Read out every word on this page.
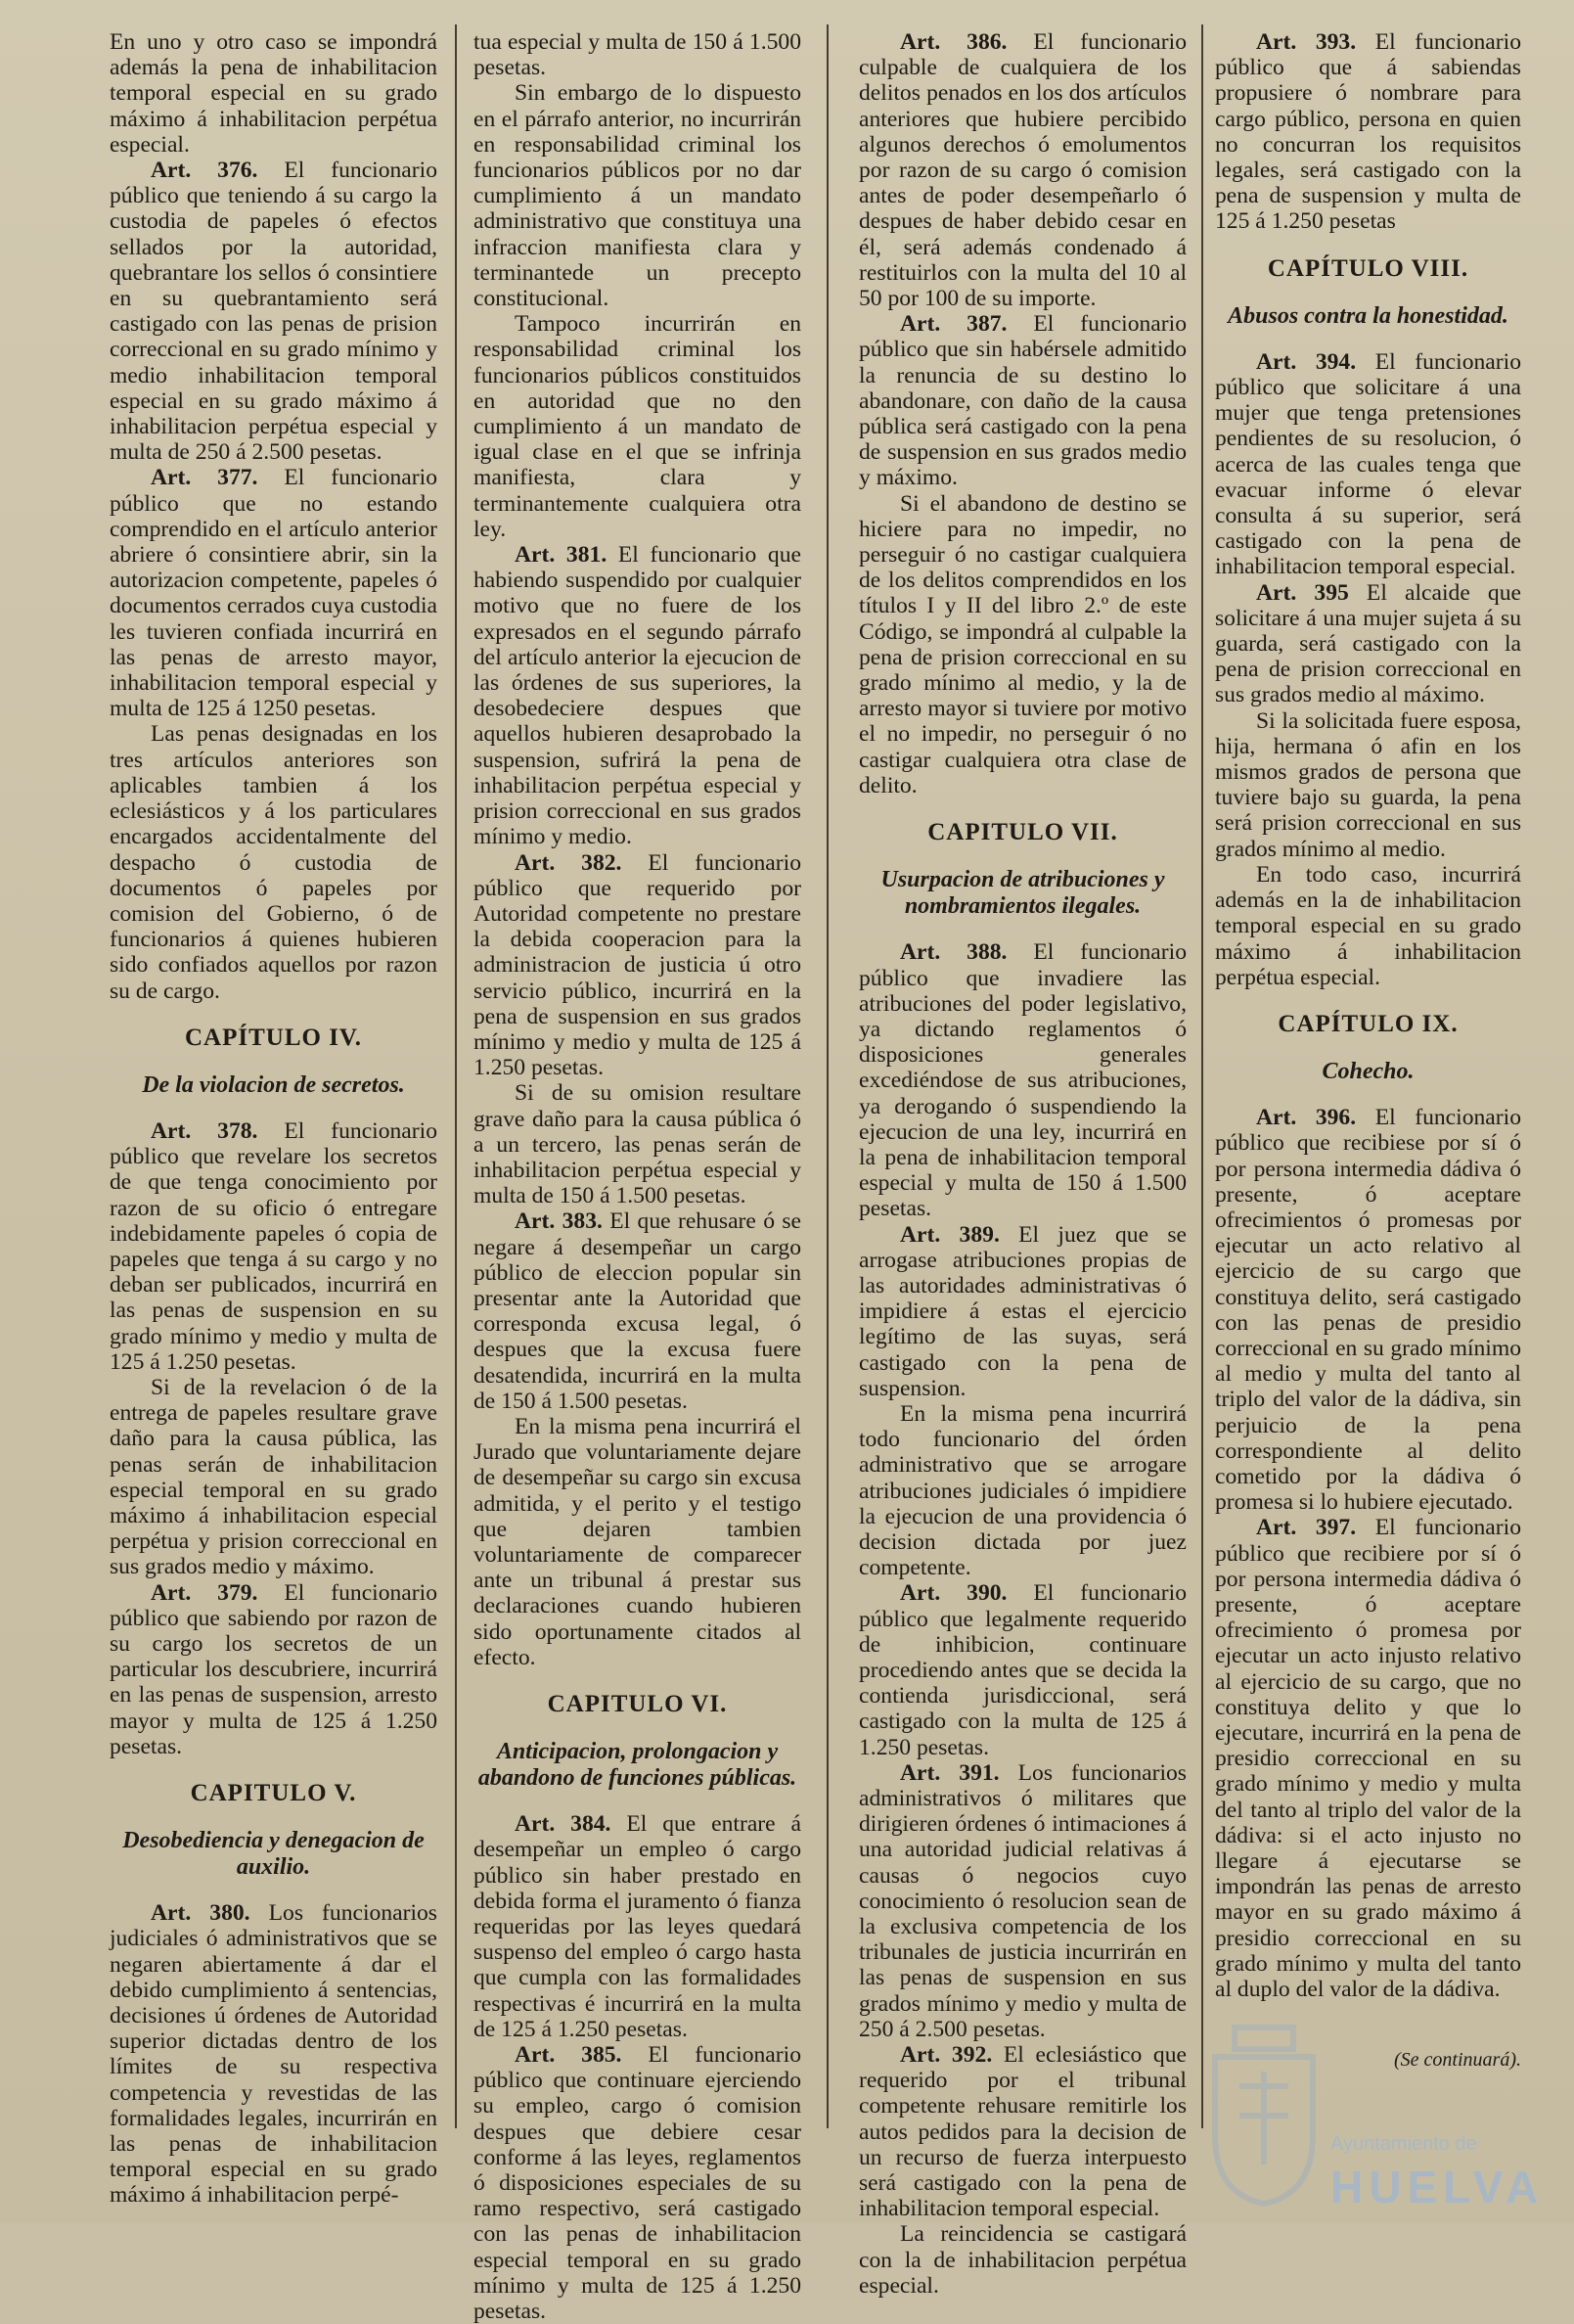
En uno y otro caso se impondrá además la pena de inhabilitacion temporal especial en su grado máximo á inhabilitacion perpétua especial.

Art. 376. El funcionario público que teniendo á su cargo la custodia de papeles ó efectos sellados por la autoridad, quebrantare los sellos ó consintiere en su quebrantamiento será castigado con las penas de prision correccional en su grado mínimo y medio inhabilitacion temporal especial en su grado máximo á inhabilitacion perpétua especial y multa de 250 á 2.500 pesetas.

Art. 377. El funcionario público que no estando comprendido en el artículo anterior abriere ó consintiere abrir, sin la autorizacion competente, papeles ó documentos cerrados cuya custodia les tuvieren confiada incurrirá en las penas de arresto mayor, inhabilitacion temporal especial y multa de 125 á 1250 pesetas.

Las penas designadas en los tres artículos anteriores son aplicables tambien á los eclesiásticos y á los particulares encargados accidentalmente del despacho ó custodia de documentos ó papeles por comision del Gobierno, ó de funcionarios á quienes hubieren sido confiados aquellos por razon su de cargo.

CAPÍTULO IV.
De la violacion de secretos.

Art. 378. El funcionario público que revelare los secretos de que tenga conocimiento por razon de su oficio ó entregare indebidamente papeles ó copia de papeles que tenga á su cargo y no deban ser publicados, incurrirá en las penas de suspension en su grado mínimo y medio y multa de 125 á 1.250 pesetas.

Si de la revelacion ó de la entrega de papeles resultare grave daño para la causa pública, las penas serán de inhabilitacion especial temporal en su grado máximo á inhabilitacion especial perpétua y prision correccional en sus grados medio y máximo.

Art. 379. El funcionario público que sabiendo por razon de su cargo los secretos de un particular los descubriere, incurrirá en las penas de suspension, arresto mayor y multa de 125 á 1.250 pesetas.

CAPITULO V.
Desobediencia y denegacion de auxilio.

Art. 380. Los funcionarios judiciales ó administrativos que se negaren abiertamente á dar el debido cumplimiento á sentencias, decisiones ú órdenes de Autoridad superior dictadas dentro de los límites de su respectiva competencia y revestidas de las formalidades legales, incurrirán en las penas de inhabilitacion temporal especial en su grado máximo á inhabilitacion perpé-

tua especial y multa de 150 á 1.500 pesetas.

Sin embargo de lo dispuesto en el párrafo anterior, no incurrirán en responsabilidad criminal los funcionarios públicos por no dar cumplimiento á un mandato administrativo que constituya una infraccion manifiesta clara y terminantede un precepto constitucional.

Tampoco incurrirán en responsabilidad criminal los funcionarios públicos constituidos en autoridad que no den cumplimiento á un mandato de igual clase en el que se infrinja manifiesta, clara y terminantemente cualquiera otra ley.

Art. 381. El funcionario que habiendo suspendido por cualquier motivo que no fuere de los expresados en el segundo párrafo del artículo anterior la ejecucion de las órdenes de sus superiores, la desobedeciere despues que aquellos hubieren desaprobado la suspension, sufrirá la pena de inhabilitacion perpétua especial y prision correccional en sus grados mínimo y medio.

Art. 382. El funcionario público que requerido por Autoridad competente no prestare la debida cooperacion para la administracion de justicia ú otro servicio público, incurrirá en la pena de suspension en sus grados mínimo y medio y multa de 125 á 1.250 pesetas.

Si de su omision resultare grave daño para la causa pública ó a un tercero, las penas serán de inhabilitacion perpétua especial y multa de 150 á 1.500 pesetas.

Art. 383. El que rehusare ó se negare á desempeñar un cargo público de eleccion popular sin presentar ante la Autoridad que corresponda excusa legal, ó despues que la excusa fuere desatendida, incurrirá en la multa de 150 á 1.500 pesetas.

En la misma pena incurrirá el Jurado que voluntariamente dejare de desempeñar su cargo sin excusa admitida, y el perito y el testigo que dejaren tambien voluntariamente de comparecer ante un tribunal á prestar sus declaraciones cuando hubieren sido oportunamente citados al efecto.

CAPITULO VI.
Anticipacion, prolongacion y abandono de funciones públicas.

Art. 384. El que entrare á desempeñar un empleo ó cargo público sin haber prestado en debida forma el juramento ó fianza requeridas por las leyes quedará suspenso del empleo ó cargo hasta que cumpla con las formalidades respectivas é incurrirá en la multa de 125 á 1.250 pesetas.

Art. 385. El funcionario público que continuare ejerciendo su empleo, cargo ó comision despues que debiere cesar conforme á las leyes, reglamentos ó disposiciones especiales de su ramo respectivo, será castigado con las penas de inhabilitacion especial temporal en su grado mínimo y multa de 125 á 1.250 pesetas.

Art. 386. El funcionario culpable de cualquiera de los delitos penados en los dos artículos anteriores que hubiere percibido algunos derechos ó emolumentos por razon de su cargo ó comision antes de poder desempeñarlo ó despues de haber debido cesar en él, será además condenado á restituirlos con la multa del 10 al 50 por 100 de su importe.

Art. 387. El funcionario público que sin habérsele admitido la renuncia de su destino lo abandonare, con daño de la causa pública será castigado con la pena de suspension en sus grados medio y máximo.

Si el abandono de destino se hiciere para no impedir, no perseguir ó no castigar cualquiera de los delitos comprendidos en los títulos I y II del libro 2.º de este Código, se impondrá al culpable la pena de prision correccional en su grado mínimo al medio, y la de arresto mayor si tuviere por motivo el no impedir, no perseguir ó no castigar cualquiera otra clase de delito.

CAPITULO VII.
Usurpacion de atribuciones y nombramientos ilegales.

Art. 388. El funcionario público que invadiere las atribuciones del poder legislativo, ya dictando reglamentos ó disposiciones generales excediéndose de sus atribuciones, ya derogando ó suspendiendo la ejecucion de una ley, incurrirá en la pena de inhabilitacion temporal especial y multa de 150 á 1.500 pesetas.

Art. 389. El juez que se arrogase atribuciones propias de las autoridades administrativas ó impidiere á estas el ejercicio legítimo de las suyas, será castigado con la pena de suspension.

En la misma pena incurrirá todo funcionario del órden administrativo que se arrogare atribuciones judiciales ó impidiere la ejecucion de una providencia ó decision dictada por juez competente.

Art. 390. El funcionario público que legalmente requerido de inhibicion, continuare procediendo antes que se decida la contienda jurisdiccional, será castigado con la multa de 125 á 1.250 pesetas.

Art. 391. Los funcionarios administrativos ó militares que dirigieren órdenes ó intimaciones á una autoridad judicial relativas á causas ó negocios cuyo conocimiento ó resolucion sean de la exclusiva competencia de los tribunales de justicia incurrirán en las penas de suspension en sus grados mínimo y medio y multa de 250 á 2.500 pesetas.

Art. 392. El eclesiástico que requerido por el tribunal competente rehusare remitirle los autos pedidos para la decision de un recurso de fuerza interpuesto será castigado con la pena de inhabilitacion temporal especial.

La reincidencia se castigará con la de inhabilitacion perpétua especial.

Art. 393. El funcionario público que á sabiendas propusiere ó nombrare para cargo público, persona en quien no concurran los requisitos legales, será castigado con la pena de suspension y multa de 125 á 1.250 pesetas

CAPÍTULO VIII.
Abusos contra la honestidad.

Art. 394. El funcionario público que solicitare á una mujer que tenga pretensiones pendientes de su resolucion, ó acerca de las cuales tenga que evacuar informe ó elevar consulta á su superior, será castigado con la pena de inhabilitacion temporal especial.

Art. 395 El alcaide que solicitare á una mujer sujeta á su guarda, será castigado con la pena de prision correccional en sus grados medio al máximo.

Si la solicitada fuere esposa, hija, hermana ó afin en los mismos grados de persona que tuviere bajo su guarda, la pena será prision correccional en sus grados mínimo al medio.

En todo caso, incurrirá además en la de inhabilitacion temporal especial en su grado máximo á inhabilitacion perpétua especial.

CAPÍTULO IX.
Cohecho.

Art. 396. El funcionario público que recibiese por sí ó por persona intermedia dádiva ó presente, ó aceptare ofrecimientos ó promesas por ejecutar un acto relativo al ejercicio de su cargo que constituya delito, será castigado con las penas de presidio correccional en su grado mínimo al medio y multa del tanto al triplo del valor de la dádiva, sin perjuicio de la pena correspondiente al delito cometido por la dádiva ó promesa si lo hubiere ejecutado.

Art. 397. El funcionario público que recibiere por sí ó por persona intermedia dádiva ó presente, ó aceptare ofrecimiento ó promesa por ejecutar un acto injusto relativo al ejercicio de su cargo, que no constituya delito y que lo ejecutare, incurrirá en la pena de presidio correccional en su grado mínimo y medio y multa del tanto al triplo del valor de la dádiva: si el acto injusto no llegare á ejecutarse se impondrán las penas de arresto mayor en su grado máximo á presidio correccional en su grado mínimo y multa del tanto al duplo del valor de la dádiva.

(Se continuará).
Ayuntamiento de
HUELVA
